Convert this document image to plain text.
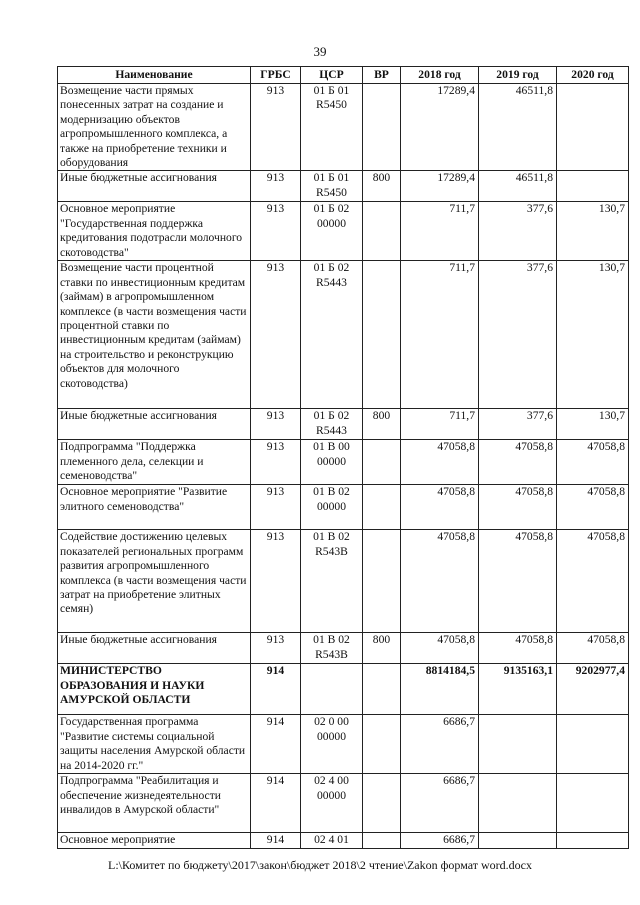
39
Наименование	ГРБС	ЦСР	ВР	2018 год	2019 год	2020 год
Возмещение части прямых понесенных затрат на создание и модернизацию объектов агропромышленного комплекса, а также на приобретение техники и оборудования	913	01 Б 01 R5450		17289,4	46511,8	
Иные бюджетные ассигнования	913	01 Б 01 R5450	800	17289,4	46511,8	
Основное мероприятие "Государственная поддержка кредитования подотрасли молочного скотоводства"	913	01 Б 02 00000		711,7	377,6	130,7
Возмещение части процентной ставки по инвестиционным кредитам (займам) в агропромышленном комплексе (в части возмещения части процентной ставки по инвестиционным кредитам (займам) на строительство и реконструкцию объектов для молочного скотоводства)	913	01 Б 02 R5443		711,7	377,6	130,7
Иные бюджетные ассигнования	913	01 Б 02 R5443	800	711,7	377,6	130,7
Подпрограмма "Поддержка племенного дела, селекции и семеноводства"	913	01 В 00 00000		47058,8	47058,8	47058,8
Основное мероприятие "Развитие элитного семеноводства"	913	01 В 02 00000		47058,8	47058,8	47058,8
Содействие достижению целевых показателей региональных программ развития агропромышленного комплекса (в части возмещения части затрат на приобретение элитных семян)	913	01 В 02 R543В		47058,8	47058,8	47058,8
Иные бюджетные ассигнования	913	01 В 02 R543В	800	47058,8	47058,8	47058,8
МИНИСТЕРСТВО ОБРАЗОВАНИЯ И НАУКИ АМУРСКОЙ ОБЛАСТИ	914			8814184,5	9135163,1	9202977,4
Государственная программа "Развитие системы социальной защиты населения Амурской области на 2014-2020 гг."	914	02 0 00 00000		6686,7		
Подпрограмма "Реабилитация и обеспечение жизнедеятельности инвалидов в Амурской области"	914	02 4 00 00000		6686,7		
Основное мероприятие	914	02 4 01		6686,7		
L:\Комитет по бюджету\2017\закон\бюджет 2018\2 чтение\Zakon формат word.docx
